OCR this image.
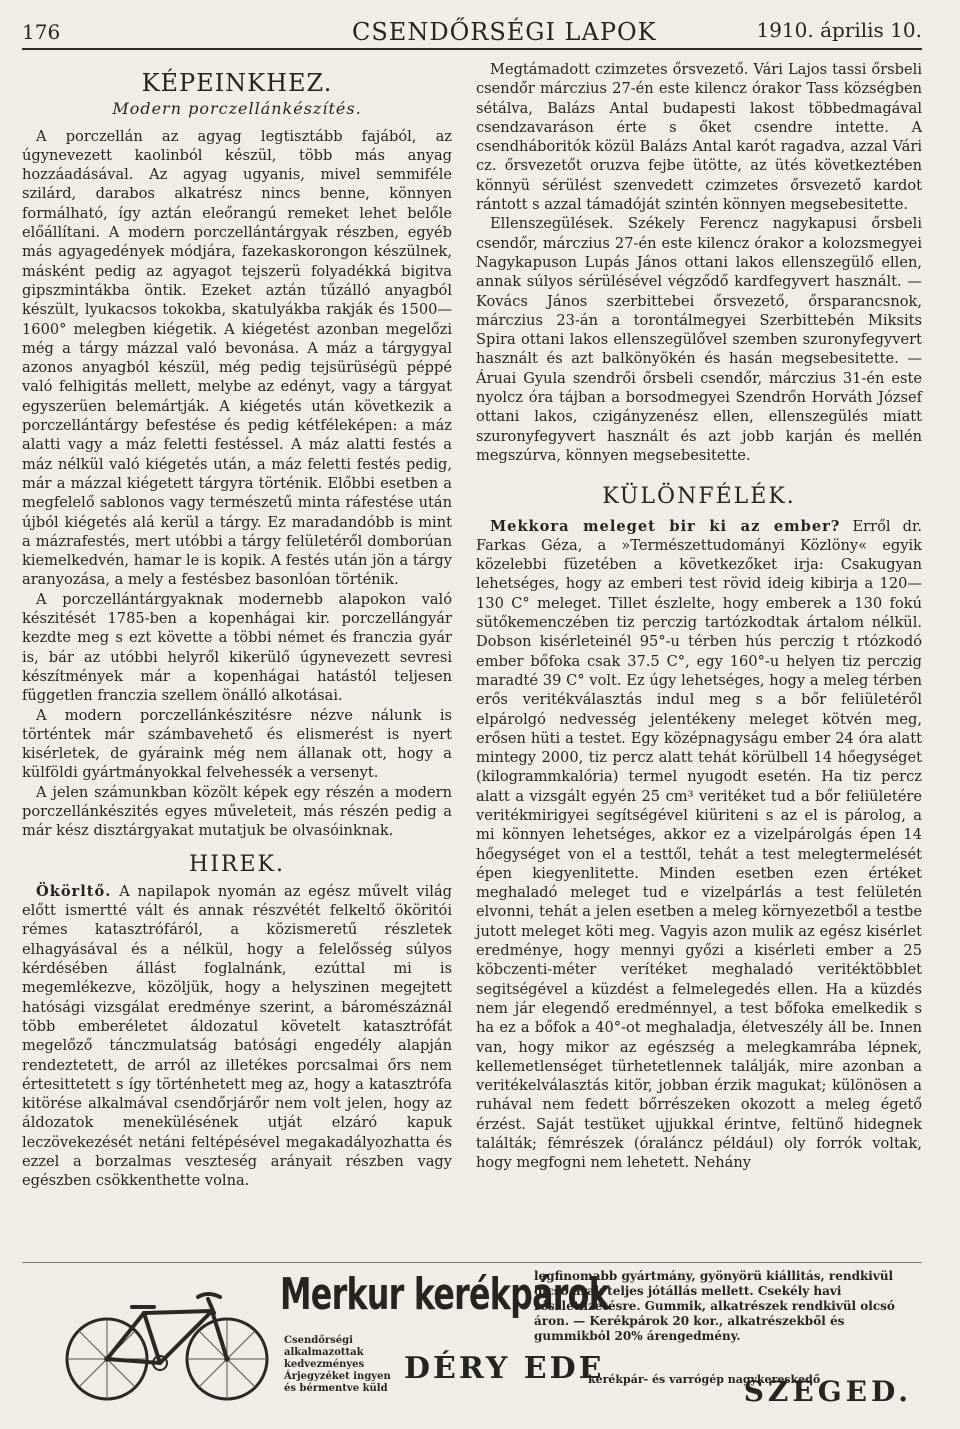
176	CSENDŐRSÉGI LAPOK	1910. április 10.
KÉPEINKHEZ.
Modern porczellánkészítés.

A porczellán az agyag legtisztább fajából, az úgynevezett kaolinból készül, több más anyag hozzáadásával. Az agyag ugyanis, mivel semmiféle szilárd, darabos alkatrész nincs benne, könnyen formálható, így aztán eleőrangú remeket lehet belőle előállítani. A modern porczellántárgyak részben, egyéb más agyagedények módjára, fazekaskorongon készülnek, másként pedig az agyagot tejszerü folyadékká bigitva gipszmintákba öntik. Ezeket aztán tűzálló anyagból készült, lyukacsos tokokba, skatulyákba rakják és 1500—1600° melegben kiégetik. A kiégetést azonban megelőzi még a tárgy mázzal való bevonása. A máz a tárgygyal azonos anyagból készül, még pedig tejsürüségü péppé való felhigitás mellett, melybe az edényt, vagy a tárgyat egyszerüen belemártják. A kiégetés után következik a porczellántárgy befestése és pedig kétféleképen: a máz alatti vagy a máz feletti festéssel. A máz alatti festés a máz nélkül való kiégetés után, a máz feletti festés pedig, már a mázzal kiégetett tárgyra történik. Előbbi esetben a megfelelő sablonos vagy természetű minta ráfestése után újból kiégetés alá kerül a tárgy. Ez maradandóbb is mint a mázrafestés, mert utóbbi a tárgy felületéről domborúan kiemelkedvén, hamar le is kopik. A festés után jön a tárgy aranyozása, a mely a festésbez basonlóan történik.

A porczellántárgyaknak modernebb alapokon való készitését 1785-ben a kopenhágai kir. porczellángyár kezdte meg s ezt követte a többi német és franczia gyár is, bár az utóbbi helyről kikerülő úgynevezett sevresi készítmények már a kopenhágai hatástól teljesen független franczia szellem önálló alkotásai.

A modern porczellánkészitésre nézve nálunk is történtek már számbavehető és elismerést is nyert kisérletek, de gyáraink még nem állanak ott, hogy a külföldi gyártmányokkal felvehessék a versenyt.

A jelen számunkban közölt képek egy részén a modern porczellánkészités egyes műveleteit, más részén pedig a már kész disztárgyakat mutatjuk be olvasóinknak.

HIREK.

Ökörltő. A napilapok nyomán az egész művelt világ előtt ismertté vált és annak részvétét felkeltő ököritói rémes katasztrófáról, a közismeretű részletek elhagyásával és a nélkül, hogy a felelősség súlyos kérdésében állást foglalnánk, ezúttal mi is megemlékezve, közöljük, hogy a helyszinen megejtett hatósági vizsgálat eredménye szerint, a báromészáznál több emberéletet áldozatul követelt katasztrófát megelőző tánczmulatság batósági engedély alapján rendeztetett, de arról az illetékes porcsalmai őrs nem értesittetett s így történhetett meg az, hogy a katasztrófa kitörése alkalmával csendőrjárőr nem volt jelen, hogy az áldozatok menekülésének utját elzáró kapuk leczövekezését netáni feltépésével megakadályozhatta és ezzel a borzalmas veszteség arányait részben vagy egészben csökkenthette volna.

Megtámadott czimzetes őrsvezető. Vári Lajos tassi őrsbeli csendőr márczius 27-én este kilencz órakor Tass községben sétálva, Balázs Antal budapesti lakost többedmagával csendzavaráson érte s őket csendre intette. A csendháboritók közül Balázs Antal karót ragadva, azzal Vári cz. őrsvezetőt oruzva fejbe ütötte, az ütés következtében könnyü sérülést szenvedett czimzetes őrsvezető kardot rántott s azzal támadóját szintén könnyen megsebesitette.

Ellenszegülések. Székely Ferencz nagykapusi őrsbeli csendőr, márczius 27-én este kilencz órakor a kolozsmegyei Nagykapuson Lupás János ottani lakos ellenszegülő ellen, annak súlyos sérülésével végződő kardfegyvert használt. — Kovács János szerbittebei őrsvezető, őrsparancsnok, márczius 23-án a torontálmegyei Szerbittebén Miksits Spira ottani lakos ellenszegülővel szemben szuronyfegyvert használt és azt balkönyökén és hasán megsebesitette. — Áruai Gyula szendrői őrsbeli csendőr, márczius 31-én este nyolcz óra tájban a borsodmegyei Szendrőn Horváth József ottani lakos, czigányzenész ellen, ellenszegülés miatt szuronyfegyvert használt és azt jobb karján és mellén megszúrva, könnyen megsebesitette.

KÜLÖNFÉLÉK.

Mekkora meleget bir ki az ember? Erről dr. Farkas Géza, a »Természettudományi Közlöny« egyik közelebbi füzetében a következőket irja: Csakugyan lehetséges, hogy az emberi test rövid ideig kibirja a 120—130 C° meleget. Tillet észlelte, hogy emberek a 130 fokú sütőkemenczében tiz perczig tartózkodtak ártalom nélkül. Dobson kisérleteinél 95°-u térben hús perczig t rtózkodó ember bőfoka csak 37.5 C°, egy 160°-u helyen tiz perczig maradté 39 C° volt. Ez úgy lehetséges, hogy a meleg térben erős veritékválasztás indul meg s a bőr feliületéről elpárolgó nedvesség jelentékeny meleget kötvén meg, erősen hüti a testet. Egy középnagyságu ember 24 óra alatt mintegy 2000, tiz percz alatt tehát körülbell 14 hőegységet (kilogrammkalória) termel nyugodt esetén. Ha tiz percz alatt a vizsgált egyén 25 cm³ veritéket tud a bőr feliületére veritékmirigyei segítségével kiüriteni s az el is párolog, a mi könnyen lehetséges, akkor ez a vizelpárolgás épen 14 hőegységet von el a testtől, tehát a test melegtermelését épen kiegyenlitette. Minden esetben ezen értéket meghaladó meleget tud e vizelpárlás a test felületén elvonni, tehát a jelen esetben a meleg környezetből a testbe jutott meleget köti meg. Vagyis azon mulik az egész kisérlet eredménye, hogy mennyi győzi a kisérleti ember a 25 köbczenti-méter verítéket meghaladó veritéktöbblet segitségével a küzdést a felmelegedés ellen. Ha a küzdés nem jár elegendő eredménnyel, a test bőfoka emelkedik s ha ez a bőfok a 40°-ot meghaladja, életveszély áll be. Innen van, hogy mikor az egészség a melegkamrába lépnek, kellemetlenséget türhetetlennek találják, mire azonban a veritékelválasztás kitör, jobban érzik magukat; különösen a ruhával nem fedett bőrrészeken okozott a meleg égető érzést. Saját testüket ujjukkal érintve, feltünő hidegnek találták; fémrészek (óraláncz például) oly forrók voltak, hogy megfogni nem lehetett. Nehány

Merkur kerékpárok
Csendőrségi alkalmazottak kedvezményes Árjegyzéket ingyen és bérmentve küld
DÉRY EDE
legfinomabb gyártmány, gyönyörü kiállitás, rendkivül olcsó árak teljes jótállás mellett. Csekély havi részletfizetésre. Gummik, alkatrészek rendkivül olcsó áron. — Kerékpárok 20 kor., alkatrészekből és gummikból 20% árengedmény.
kerékpár- és varrógép nagykereskedő
SZEGED.
